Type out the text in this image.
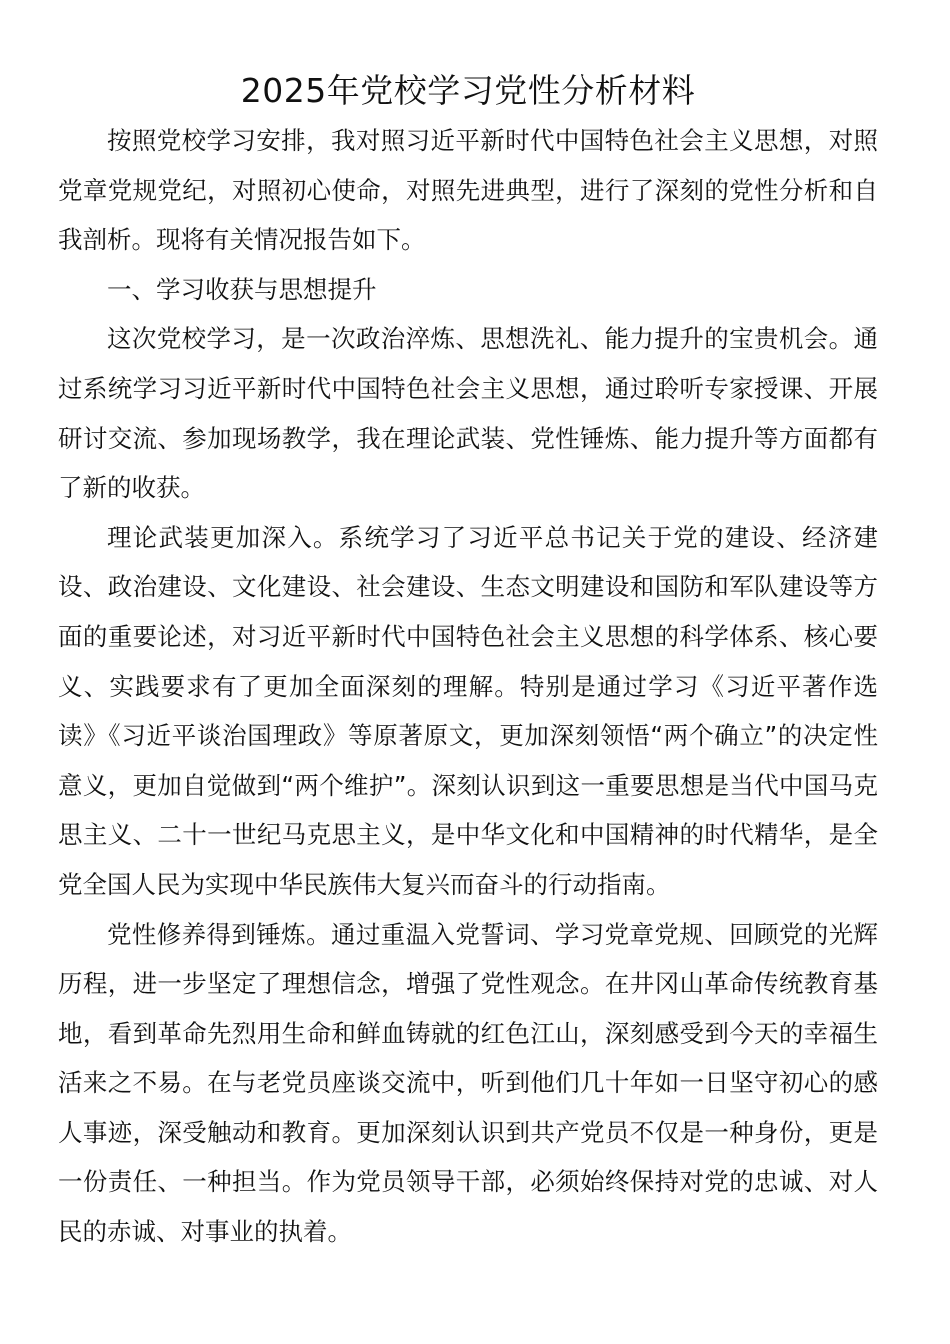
2025年党校学习党性分析材料

按照党校学习安排，我对照习近平新时代中国特色社会主义思想，对照党章党规党纪，对照初心使命，对照先进典型，进行了深刻的党性分析和自我剖析。现将有关情况报告如下。

一、学习收获与思想提升

这次党校学习，是一次政治淬炼、思想洗礼、能力提升的宝贵机会。通过系统学习习近平新时代中国特色社会主义思想，通过聆听专家授课、开展研讨交流、参加现场教学，我在理论武装、党性锤炼、能力提升等方面都有了新的收获。

理论武装更加深入。系统学习了习近平总书记关于党的建设、经济建设、政治建设、文化建设、社会建设、生态文明建设和国防和军队建设等方面的重要论述，对习近平新时代中国特色社会主义思想的科学体系、核心要义、实践要求有了更加全面深刻的理解。特别是通过学习《习近平著作选读》《习近平谈治国理政》等原著原文，更加深刻领悟“两个确立”的决定性意义，更加自觉做到“两个维护”。深刻认识到这一重要思想是当代中国马克思主义、二十一世纪马克思主义，是中华文化和中国精神的时代精华，是全党全国人民为实现中华民族伟大复兴而奋斗的行动指南。

党性修养得到锤炼。通过重温入党誓词、学习党章党规、回顾党的光辉历程，进一步坚定了理想信念，增强了党性观念。在井冈山革命传统教育基地，看到革命先烈用生命和鲜血铸就的红色江山，深刻感受到今天的幸福生活来之不易。在与老党员座谈交流中，听到他们几十年如一日坚守初心的感人事迹，深受触动和教育。更加深刻认识到共产党员不仅是一种身份，更是一份责任、一种担当。作为党员领导干部，必须始终保持对党的忠诚、对人民的赤诚、对事业的执着。
